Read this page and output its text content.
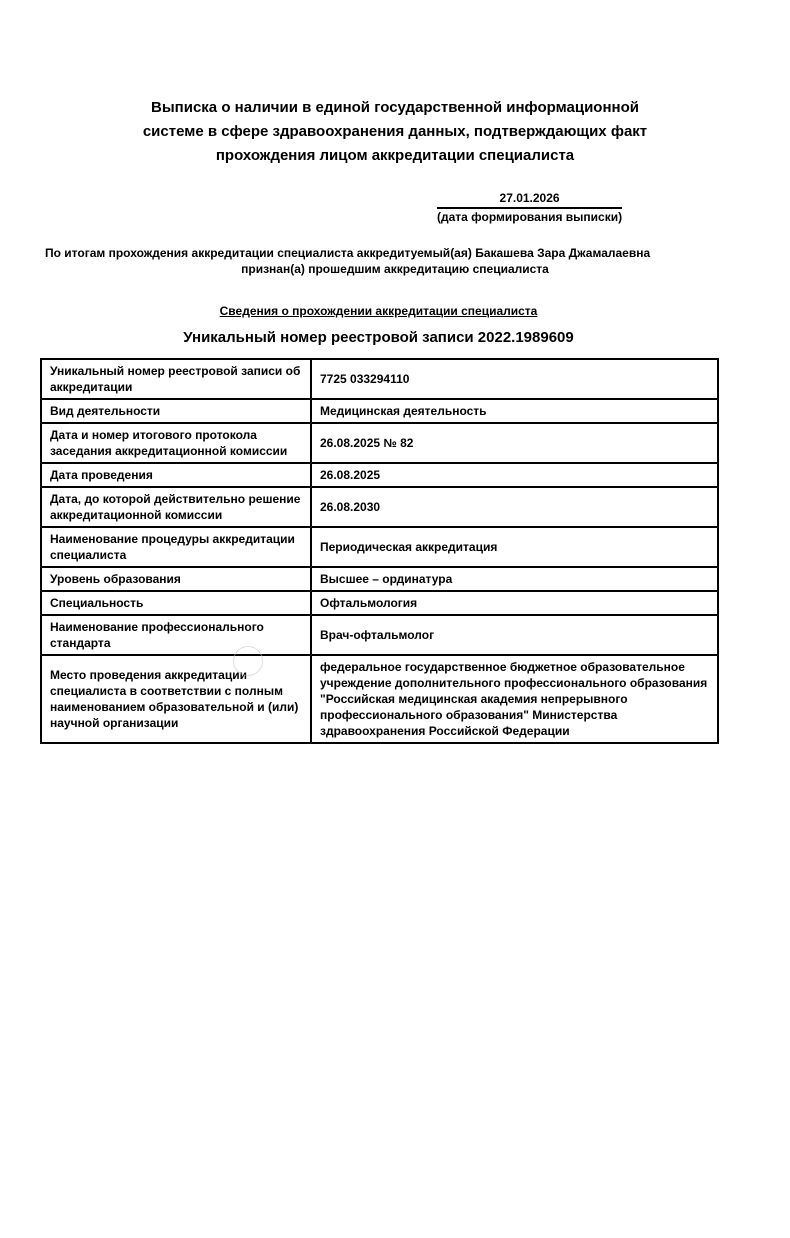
Выписка о наличии в единой государственной информационной
системе в сфере здравоохранения данных, подтверждающих факт
прохождения лицом аккредитации специалиста
27.01.2026
(дата формирования выписки)
По итогам прохождения аккредитации специалиста аккредитуемый(ая) Бакашева Зара Джамалаевна
признан(а) прошедшим аккредитацию специалиста
Сведения о прохождении аккредитации специалиста
Уникальный номер реестровой записи 2022.1989609
Уникальный номер реестровой записи об аккредитации	7725 033294110
Вид деятельности	Медицинская деятельность
Дата и номер итогового протокола заседания аккредитационной комиссии	26.08.2025 № 82
Дата проведения	26.08.2025
Дата, до которой действительно решение аккредитационной комиссии	26.08.2030
Наименование процедуры аккредитации специалиста	Периодическая аккредитация
Уровень образования	Высшее – ординатура
Специальность	Офтальмология
Наименование профессионального стандарта	Врач-офтальмолог
Место проведения аккредитации специалиста в соответствии с полным наименованием образовательной и (или) научной организации	федеральное государственное бюджетное образовательное учреждение дополнительного профессионального образования "Российская медицинская академия непрерывного профессионального образования" Министерства здравоохранения Российской Федерации
